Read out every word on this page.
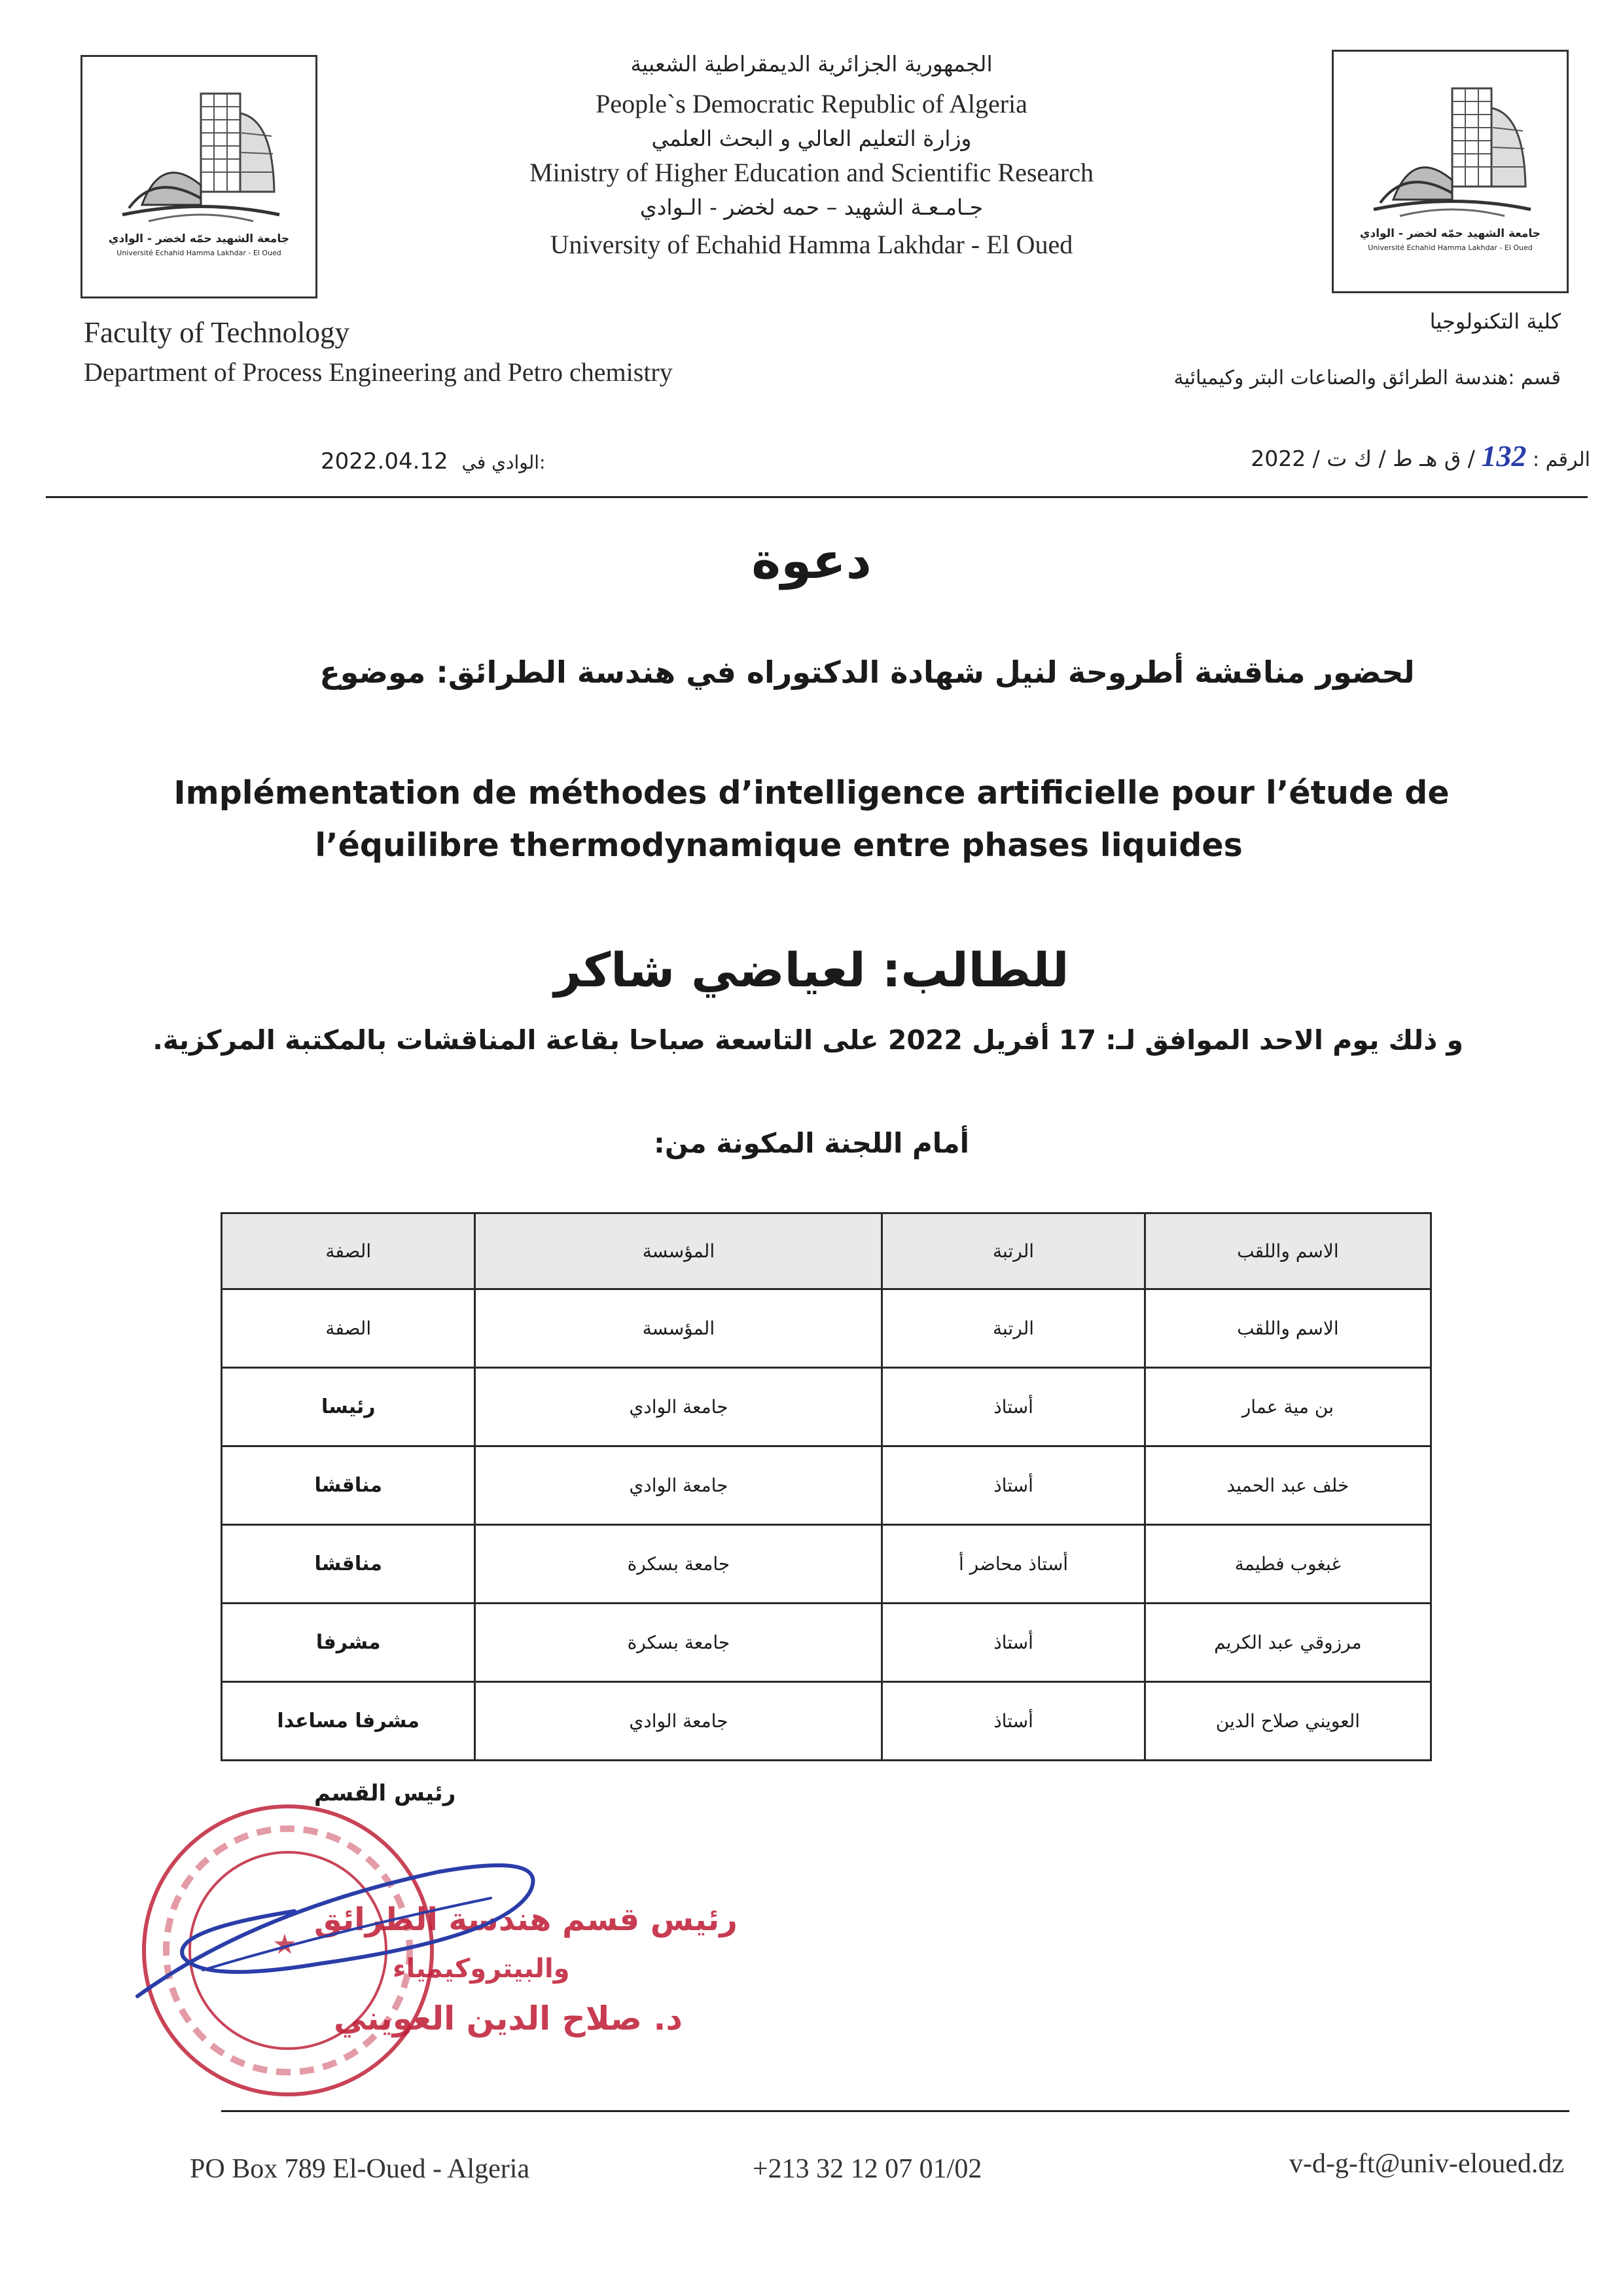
جامعة الشهيد حمّه لخضر - الوادي
Université Echahid Hamma Lakhdar - El Oued
جامعة الشهيد حمّه لخضر - الوادي
Université Echahid Hamma Lakhdar - El Oued
الجمهورية الجزائرية الديمقراطية الشعبية
People`s Democratic Republic of Algeria
وزارة التعليم العالي و البحث العلمي
Ministry of Higher Education and Scientific Research
جـامـعـة الشهيد – حمه لخضر - الـوادي
University of Echahid Hamma Lakhdar - El Oued
Faculty of Technology
Department of Process Engineering and Petro chemistry
كلية التكنولوجيا
قسم :هندسة الطرائق والصناعات البتر وكيميائية
الرقم : 132 / ق هـ ط / ك ت / 2022
2022.04.12 الوادي في:
دعوة
لحضور مناقشة أطروحة لنيل شهادة الدكتوراه في هندسة الطرائق: موضوع
Implémentation de méthodes d’intelligence artificielle pour l’étude de
l’équilibre thermodynamique entre phases liquides
للطالب: لعياضي شاكر
و ذلك يوم الاحد الموافق لـ: 17 أفريل 2022 على التاسعة صباحا بقاعة المناقشات بالمكتبة المركزية.
أمام اللجنة المكونة من:
الاسم واللقب	الرتبة	المؤسسة	الصفة
الاسم واللقب	الرتبة	المؤسسة	الصفة
بن مية عمار	أستاذ	جامعة الوادي	رئيسا
خلف عبد الحميد	أستاذ	جامعة الوادي	مناقشا
غبغوب فطيمة	أستاذ محاضر أ	جامعة بسكرة	مناقشا
مرزوقي عبد الكريم	أستاذ	جامعة بسكرة	مشرفا
العويني صلاح الدين	أستاذ	جامعة الوادي	مشرفا مساعدا
رئيس القسم
★
رئيس قسم هندسة الطرائق
والبيتروكيمياء
د. صلاح الدين العويني
PO Box 789 El-Oued - Algeria	+213 32 12 07 01/02	v-d-g-ft@univ-eloued.dz
